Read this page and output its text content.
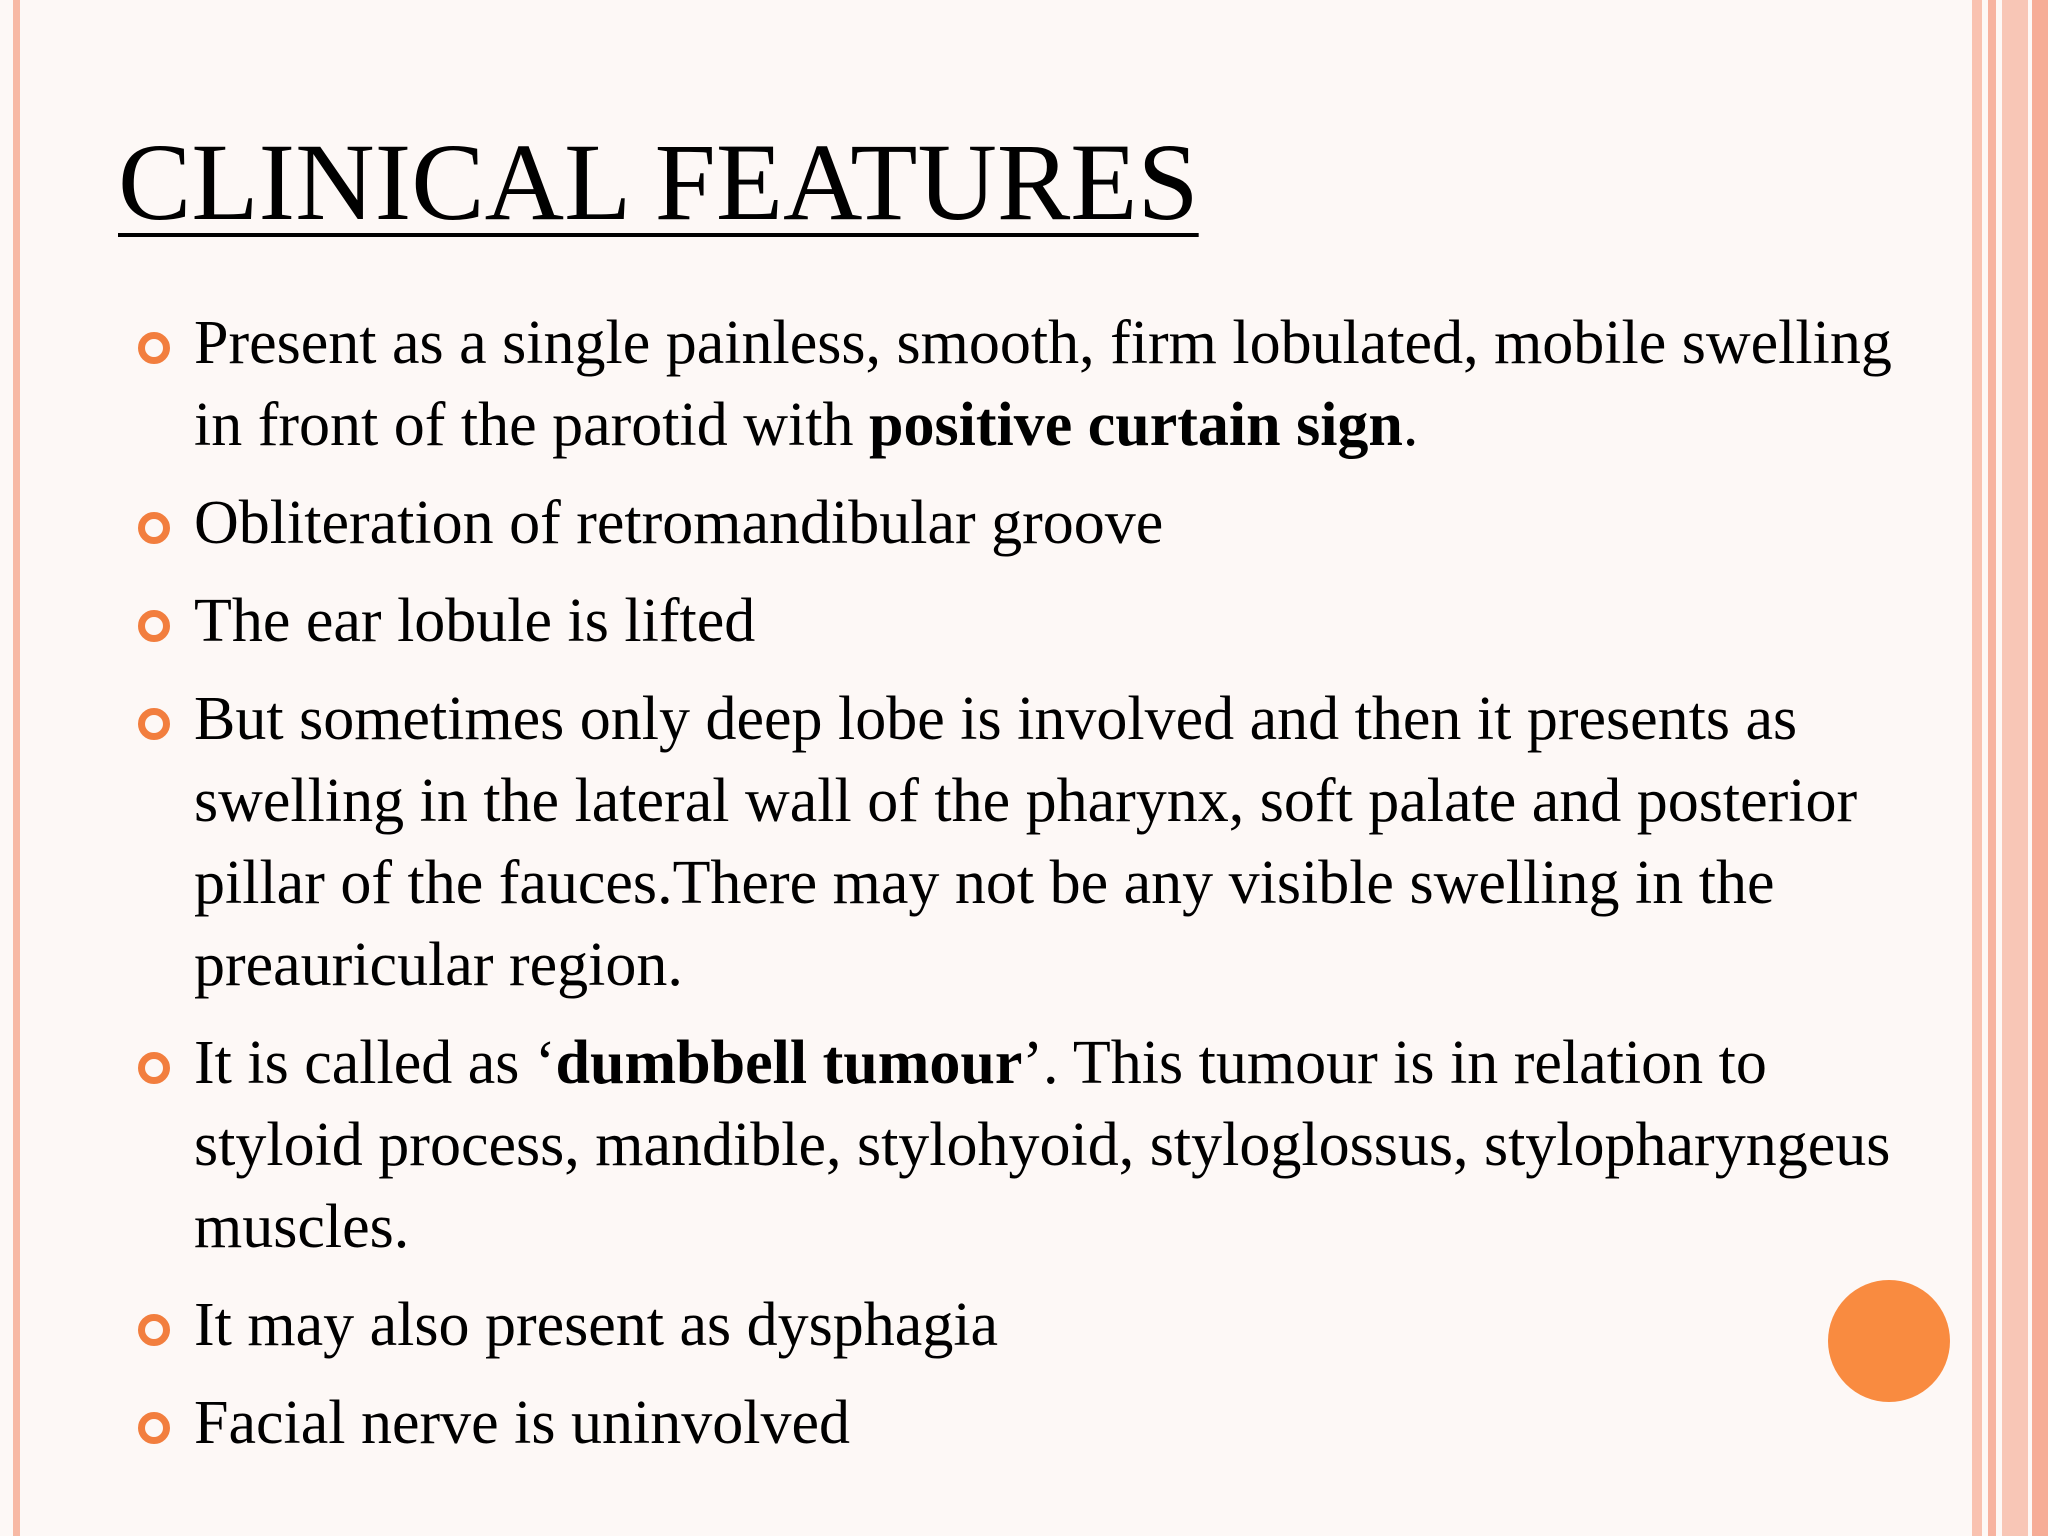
CLINICAL FEATURES
Present as a single painless, smooth, firm lobulated, mobile swelling in front of the parotid with positive curtain sign.
Obliteration of retromandibular groove
The ear lobule is lifted
But sometimes only deep lobe is involved and then it presents as swelling in the lateral wall of the pharynx, soft palate and posterior pillar of the fauces.There may not be any visible swelling in the preauricular region.
It is called as ‘dumbbell tumour’. This tumour is in relation to styloid process, mandible, stylohyoid, styloglossus, stylopharyngeus muscles.
It may also present as dysphagia
Facial nerve is uninvolved
